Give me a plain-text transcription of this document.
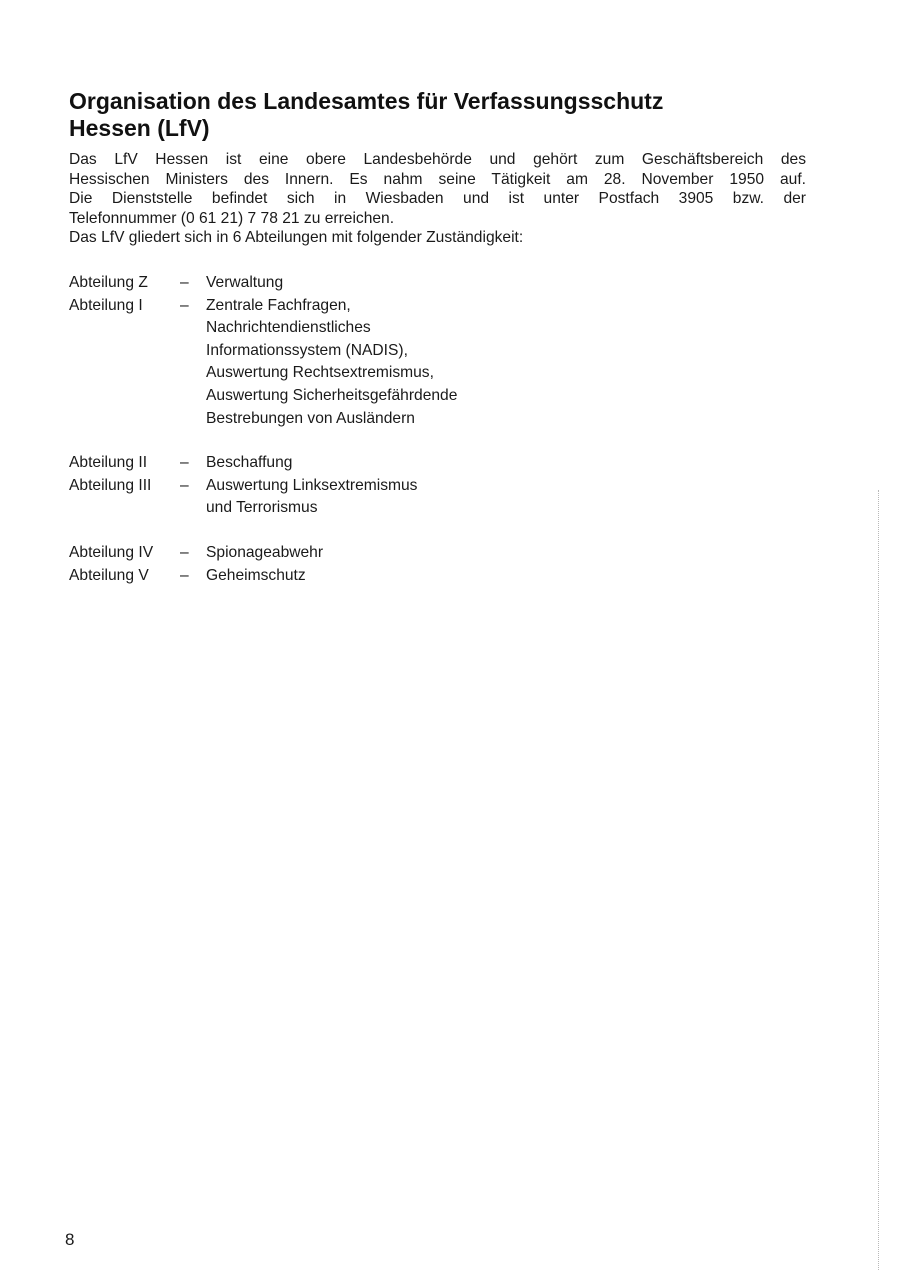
Organisation des Landesamtes für Verfassungsschutz
Hessen (LfV)
Das LfV Hessen ist eine obere Landesbehörde und gehört zum Geschäftsbereich des
Hessischen Ministers des Innern. Es nahm seine Tätigkeit am 28. November 1950 auf.
Die Dienststelle befindet sich in Wiesbaden und ist unter Postfach 3905 bzw. der
Telefonnummer (0 61 21) 7 78 21 zu erreichen.
Das LfV gliedert sich in 6 Abteilungen mit folgender Zuständigkeit:
Abteilung Z	–	Verwaltung
Abteilung I	–	Zentrale Fachfragen,
Nachrichtendienstliches
Informationssystem (NADIS),
Auswertung Rechtsextremismus,
Auswertung Sicherheitsgefährdende
Bestrebungen von Ausländern
Abteilung II	–	Beschaffung
Abteilung III	–	Auswertung Linksextremismus
und Terrorismus
Abteilung IV	–	Spionageabwehr
Abteilung V	–	Geheimschutz
8
